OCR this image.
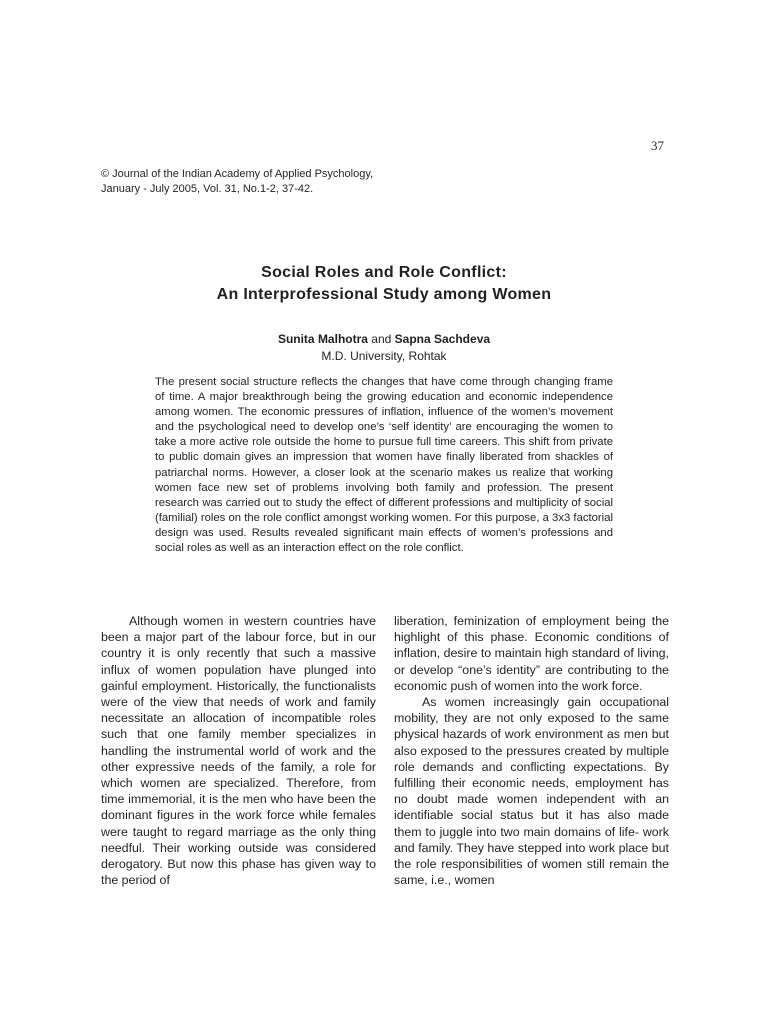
37
© Journal of the Indian Academy of Applied Psychology,
January - July 2005, Vol. 31, No.1-2, 37-42.
Social Roles and Role Conflict:
An Interprofessional Study among Women
Sunita Malhotra and Sapna Sachdeva
M.D. University, Rohtak

The present social structure reflects the changes that have come through changing frame of time. A major breakthrough being the growing education and economic independence among women. The economic pressures of inflation, influence of the women’s movement and the psychological need to develop one’s ‘self identity’ are encouraging the women to take a more active role outside the home to pursue full time careers. This shift from private to public domain gives an impression that women have finally liberated from shackles of patriarchal norms. However, a closer look at the scenario makes us realize that working women face new set of problems involving both family and profession. The present research was carried out to study the effect of different professions and multiplicity of social (familial) roles on the role conflict amongst working women. For this purpose, a 3x3 factorial design was used. Results revealed significant main effects of women’s professions and social roles as well as an interaction effect on the role conflict.

Although women in western countries have been a major part of the labour force, but in our country it is only recently that such a massive influx of women population have plunged into gainful employment. Historically, the functionalists were of the view that needs of work and family necessitate an allocation of incompatible roles such that one family member specializes in handling the instrumental world of work and the other expressive needs of the family, a role for which women are specialized. Therefore, from time immemorial, it is the men who have been the dominant figures in the work force while females were taught to regard marriage as the only thing needful. Their working outside was considered derogatory. But now this phase has given way to the period of

liberation, feminization of employment being the highlight of this phase. Economic conditions of inflation, desire to maintain high standard of living, or develop “one’s identity” are contributing to the economic push of women into the work force.

As women increasingly gain occupational mobility, they are not only exposed to the same physical hazards of work environment as men but also exposed to the pressures created by multiple role demands and conflicting expectations. By fulfilling their economic needs, employment has no doubt made women independent with an identifiable social status but it has also made them to juggle into two main domains of life- work and family. They have stepped into work place but the role responsibilities of women still remain the same, i.e., women
